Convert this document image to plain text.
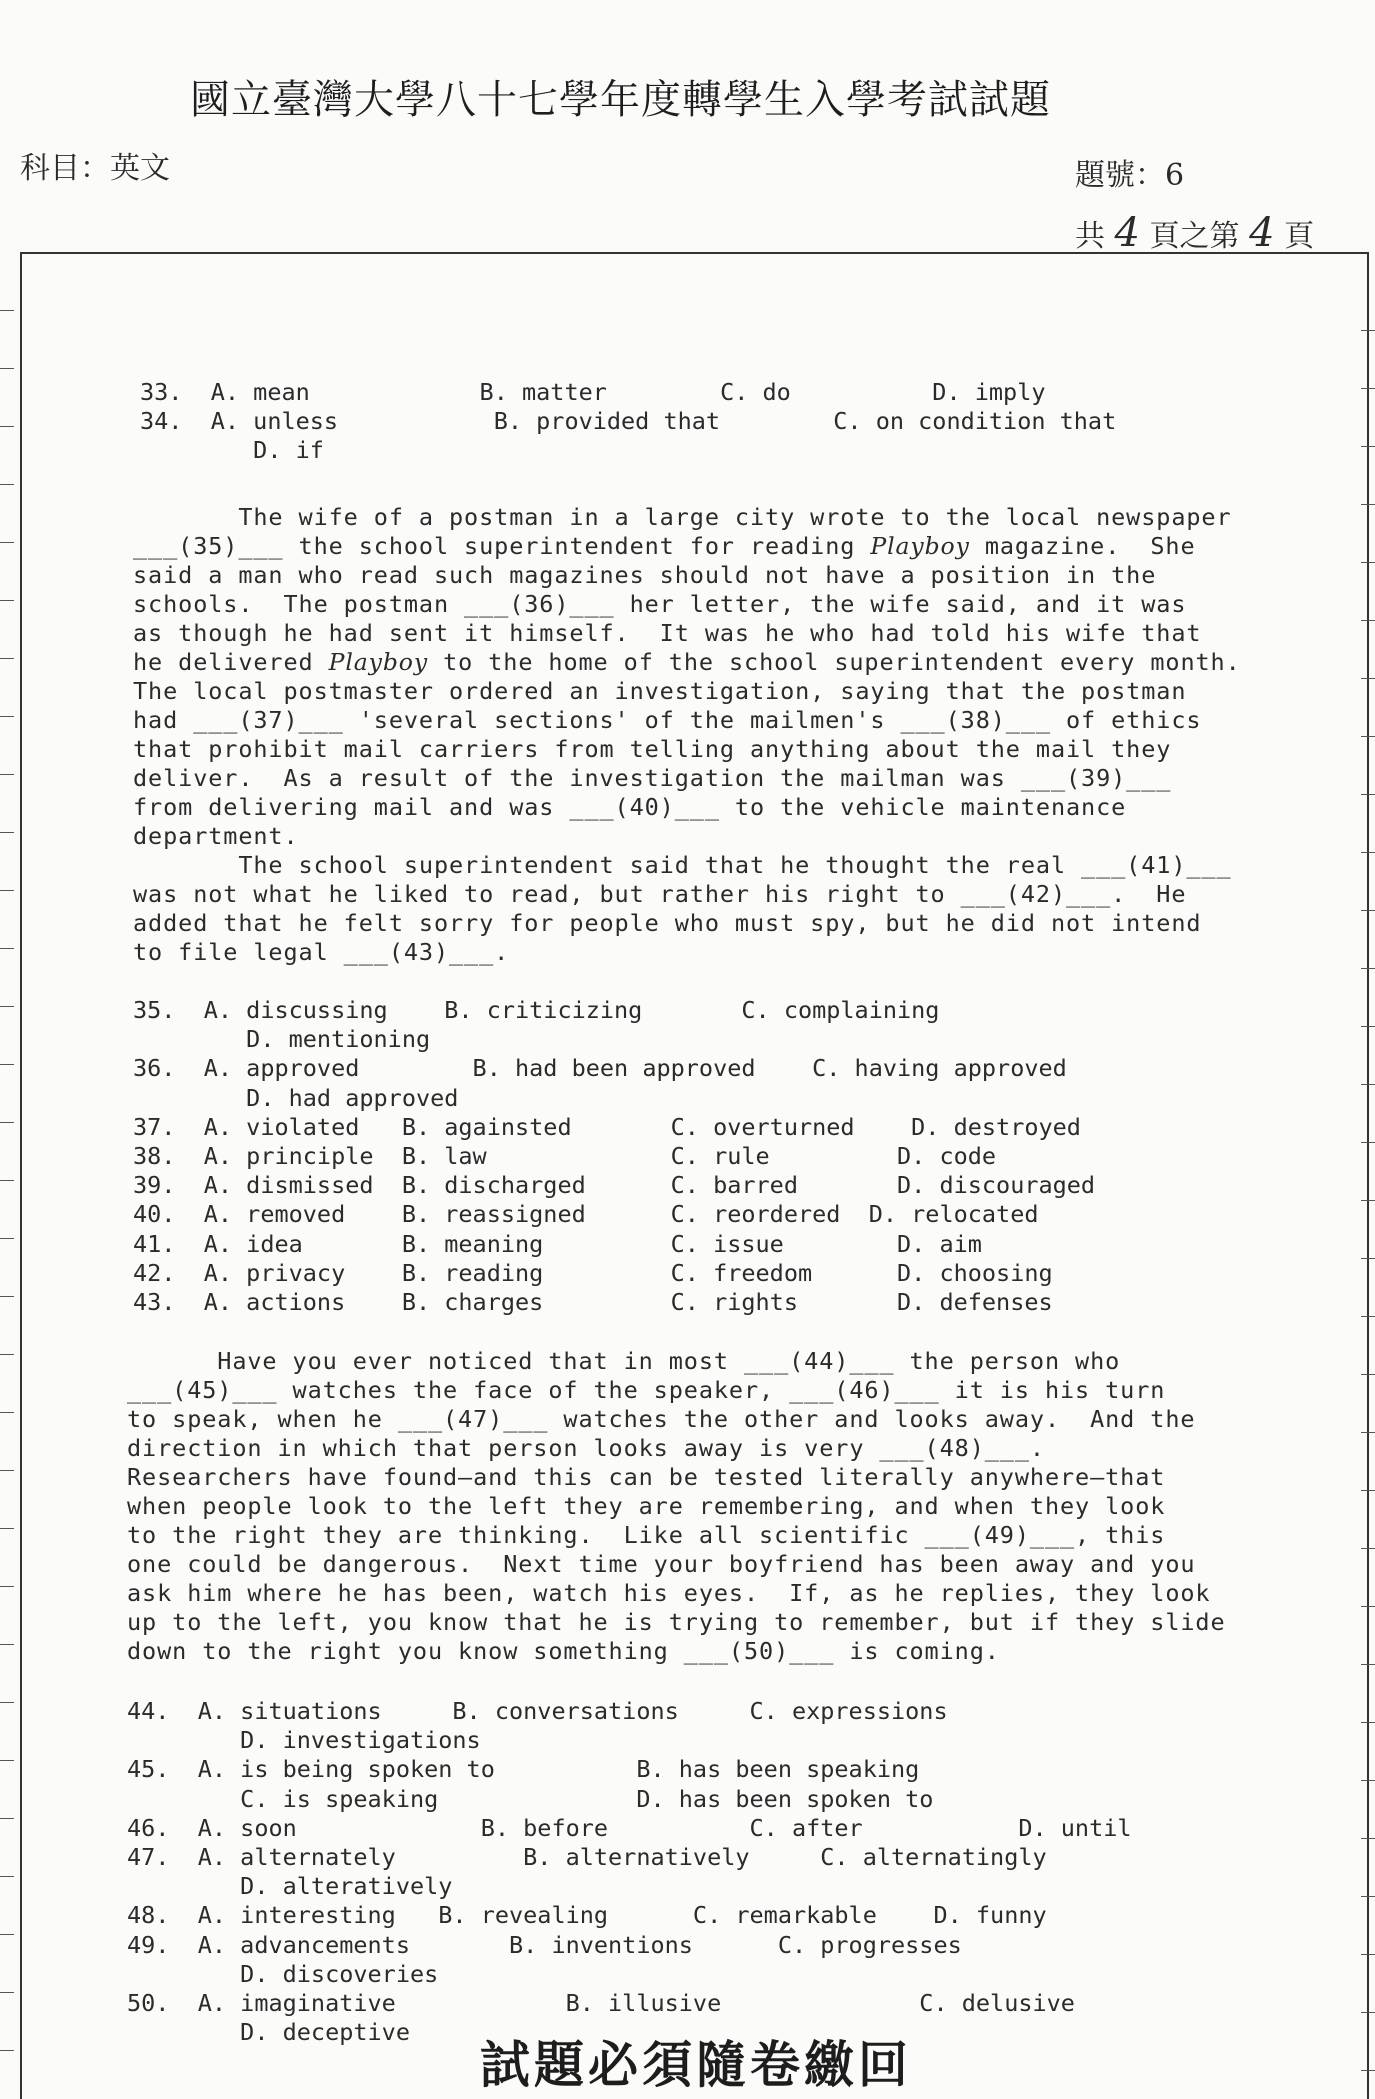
國立臺灣大學八十七學年度轉學生入學考試試題
科目：英文	題號：6
共 4 頁之第 4 頁
33.  A. mean            B. matter        C. do          D. imply
34.  A. unless           B. provided that        C. on condition that
D. if
The wife of a postman in a large city wrote to the local newspaper
___(35)___ the school superintendent for reading Playboy magazine.  She
said a man who read such magazines should not have a position in the
schools.  The postman ___(36)___ her letter, the wife said, and it was
as though he had sent it himself.  It was he who had told his wife that
he delivered Playboy to the home of the school superintendent every month.
The local postmaster ordered an investigation, saying that the postman
had ___(37)___ 'several sections' of the mailmen's ___(38)___ of ethics
that prohibit mail carriers from telling anything about the mail they
deliver.  As a result of the investigation the mailman was ___(39)___
from delivering mail and was ___(40)___ to the vehicle maintenance
department.
The school superintendent said that he thought the real ___(41)___
was not what he liked to read, but rather his right to ___(42)___.  He
added that he felt sorry for people who must spy, but he did not intend
to file legal ___(43)___.
35.  A. discussing    B. criticizing       C. complaining
D. mentioning
36.  A. approved        B. had been approved    C. having approved
D. had approved
37.  A. violated   B. againsted       C. overturned    D. destroyed
38.  A. principle  B. law             C. rule         D. code
39.  A. dismissed  B. discharged      C. barred       D. discouraged
40.  A. removed    B. reassigned      C. reordered  D. relocated
41.  A. idea       B. meaning         C. issue        D. aim
42.  A. privacy    B. reading         C. freedom      D. choosing
43.  A. actions    B. charges         C. rights       D. defenses
Have you ever noticed that in most ___(44)___ the person who
___(45)___ watches the face of the speaker, ___(46)___ it is his turn
to speak, when he ___(47)___ watches the other and looks away.  And the
direction in which that person looks away is very ___(48)___.
Researchers have found—and this can be tested literally anywhere—that
when people look to the left they are remembering, and when they look
to the right they are thinking.  Like all scientific ___(49)___, this
one could be dangerous.  Next time your boyfriend has been away and you
ask him where he has been, watch his eyes.  If, as he replies, they look
up to the left, you know that he is trying to remember, but if they slide
down to the right you know something ___(50)___ is coming.
44.  A. situations     B. conversations     C. expressions
D. investigations
45.  A. is being spoken to          B. has been speaking
C. is speaking              D. has been spoken to
46.  A. soon             B. before          C. after           D. until
47.  A. alternately         B. alternatively     C. alternatingly
D. alteratively
48.  A. interesting   B. revealing      C. remarkable    D. funny
49.  A. advancements       B. inventions      C. progresses
D. discoveries
50.  A. imaginative            B. illusive              C. delusive
D. deceptive
試題必須隨卷繳回
